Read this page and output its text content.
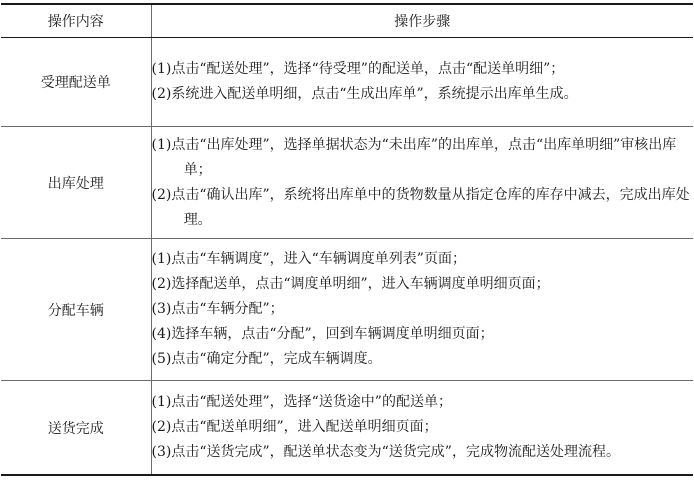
操作内容	操作步骤
受理配送单	(1)点击“配送处理”，选择“待受理”的配送单，点击“配送单明细”；
(2)系统进入配送单明细，点击“生成出库单”，系统提示出库单生成。

出库处理	(1)点击“出库处理”，选择单据状态为“未出库”的出库单，点击“出库单明细”审核出库单；
(2)点击“确认出库”，系统将出库单中的货物数量从指定仓库的库存中减去，完成出库处理。

分配车辆	(1)点击“车辆调度”，进入“车辆调度单列表”页面；
(2)选择配送单，点击“调度单明细”，进入车辆调度单明细页面；
(3)点击“车辆分配”；
(4)选择车辆，点击“分配”，回到车辆调度单明细页面；
(5)点击“确定分配”，完成车辆调度。

送货完成	(1)点击“配送处理”，选择“送货途中”的配送单；
(2)点击“配送单明细”，进入配送单明细页面；
(3)点击“送货完成”，配送单状态变为“送货完成”，完成物流配送处理流程。
